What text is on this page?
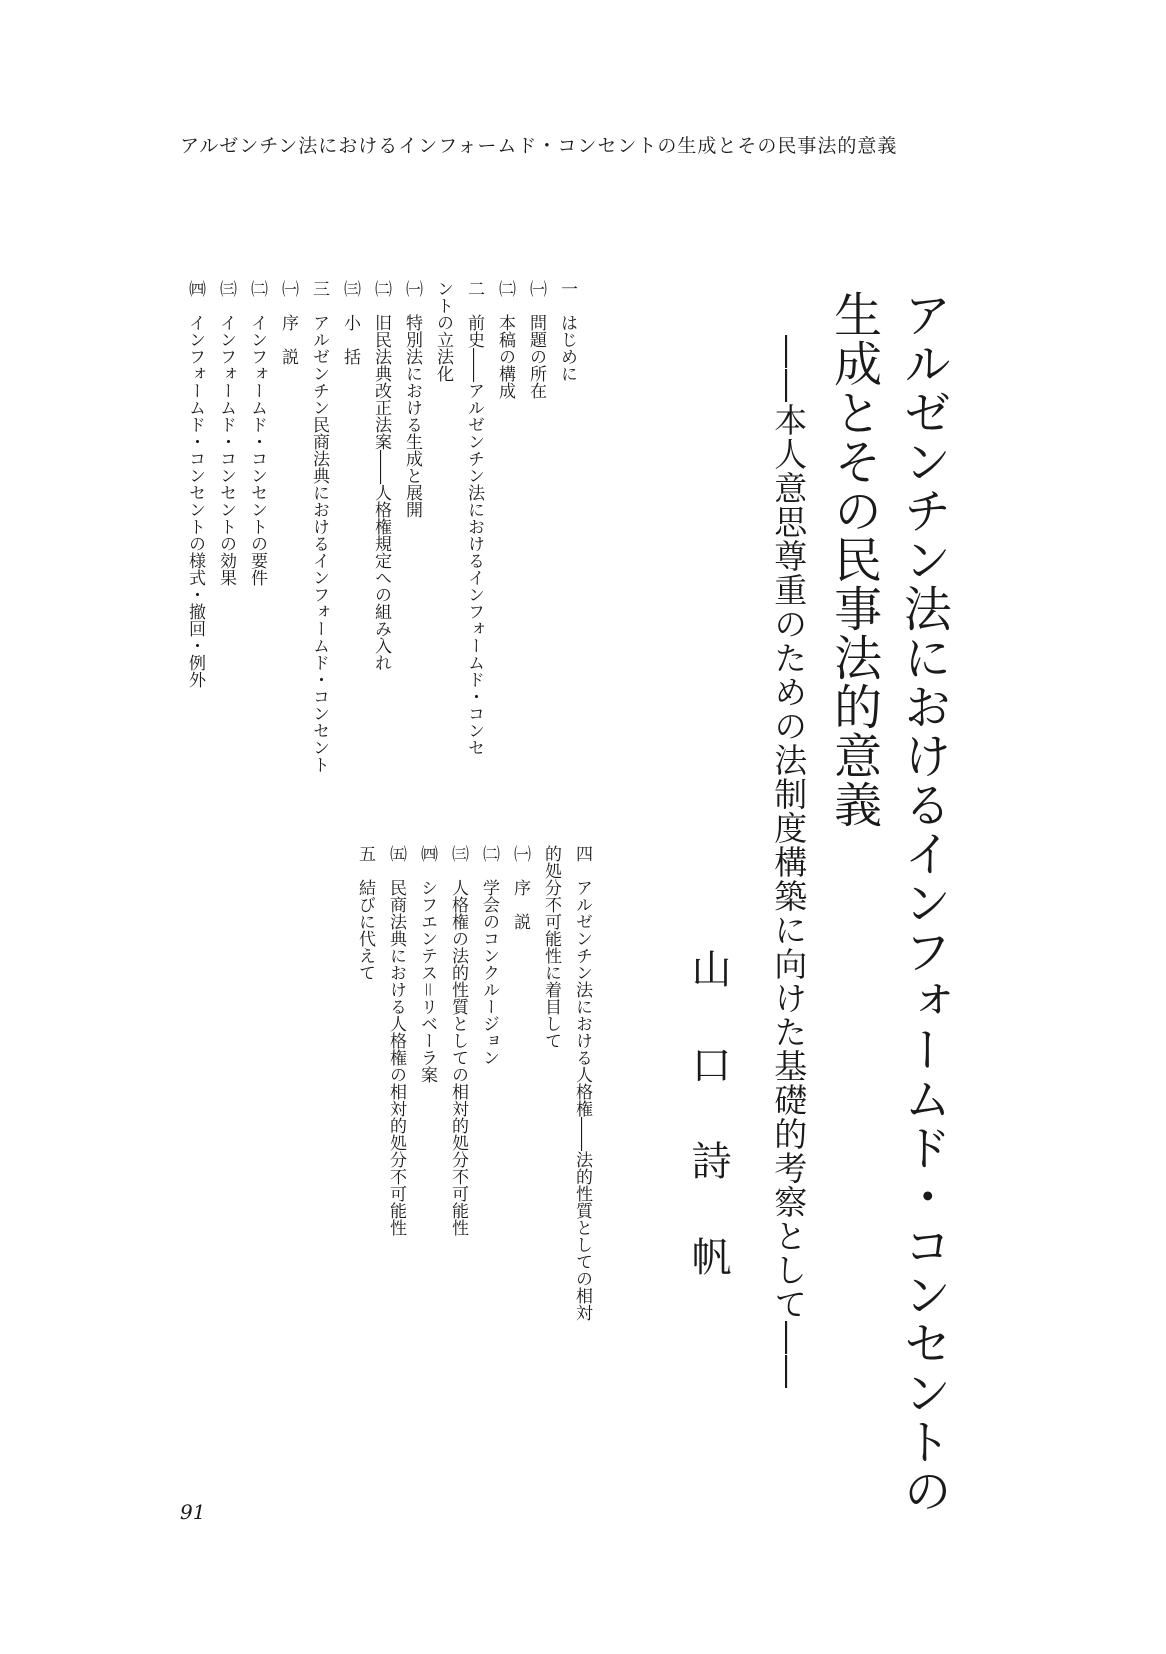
アルゼンチン法におけるインフォームド・コンセントの生成とその民事法的意義
アルゼンチン法におけるインフォームド・コンセントの
生成とその民事法的意義
――本人意思尊重のための法制度構築に向けた基礎的考察として――
山口詩帆
一　はじめに
㈠　問題の所在
㈡　本稿の構成
二　前史――アルゼンチン法におけるインフォームド・コンセ
ントの立法化
㈠　特別法における生成と展開
㈡　旧民法典改正法案――人格権規定への組み入れ
㈢　小　括
三　アルゼンチン民商法典におけるインフォームド・コンセント
㈠　序　説
㈡　インフォームド・コンセントの要件
㈢　インフォームド・コンセントの効果
㈣　インフォームド・コンセントの様式・撤回・例外
四　アルゼンチン法における人格権――法的性質としての相対
的処分不可能性に着目して
㈠　序　説
㈡　学会のコンクルージョン
㈢　人格権の法的性質としての相対的処分不可能性
㈣　シフエンテス＝リベーラ案
㈤　民商法典における人格権の相対的処分不可能性
五　結びに代えて
91
